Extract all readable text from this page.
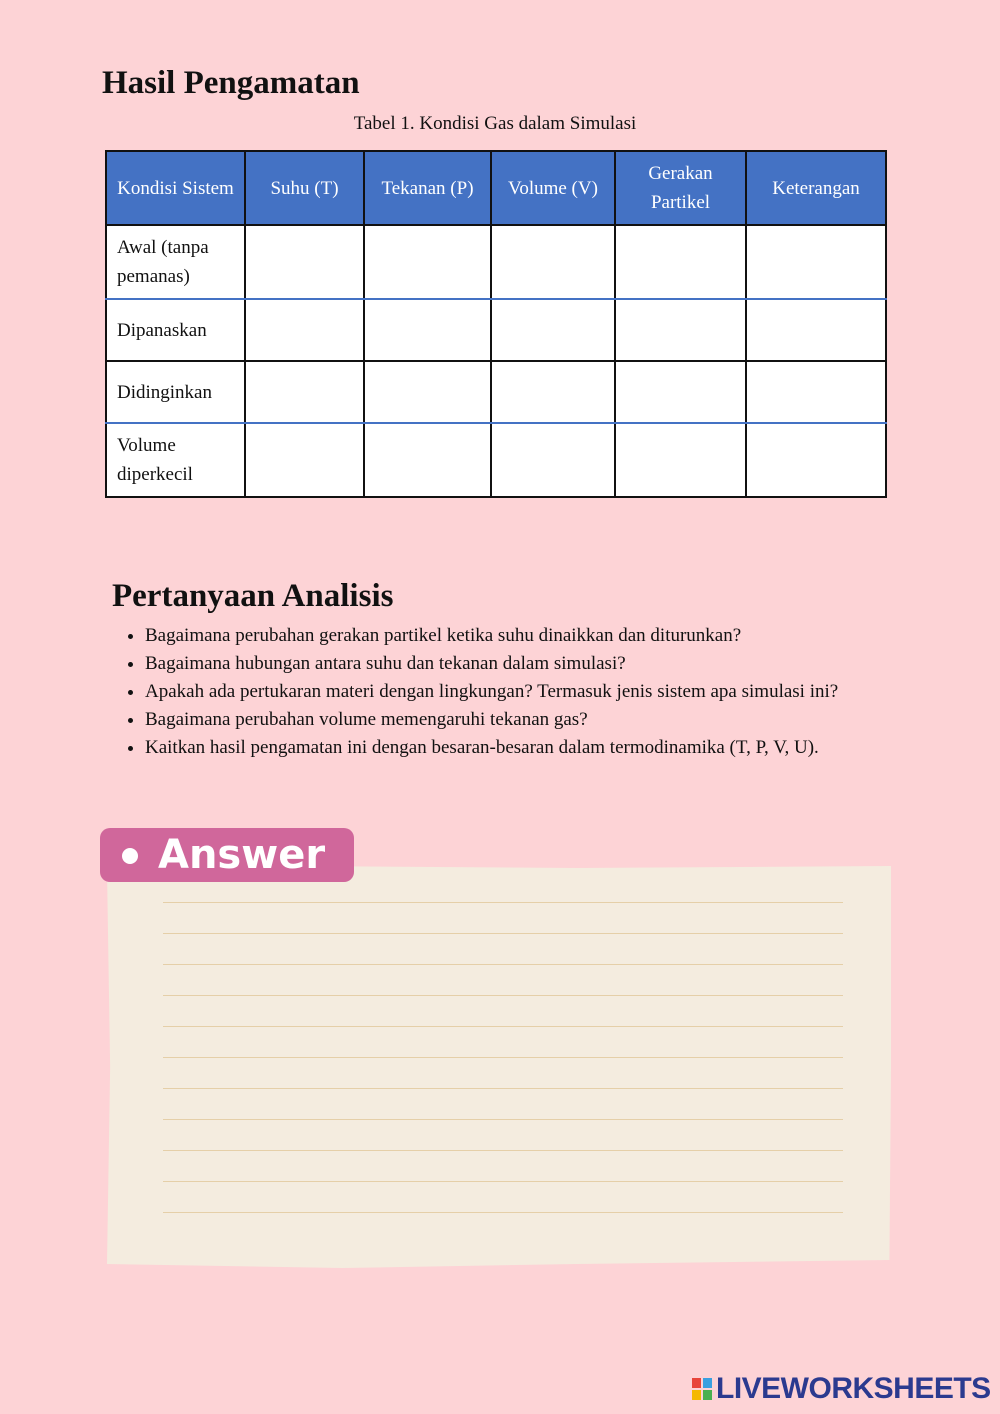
Hasil Pengamatan
Tabel 1. Kondisi Gas dalam Simulasi
Kondisi Sistem	Suhu (T)	Tekanan (P)	Volume (V)	Gerakan Partikel	Keterangan
Awal (tanpa pemanas)					
Dipanaskan					
Didinginkan					
Volume diperkecil					
Pertanyaan Analisis
• Bagaimana perubahan gerakan partikel ketika suhu dinaikkan dan diturunkan?
• Bagaimana hubungan antara suhu dan tekanan dalam simulasi?
• Apakah ada pertukaran materi dengan lingkungan? Termasuk jenis sistem apa simulasi ini?
• Bagaimana perubahan volume memengaruhi tekanan gas?
• Kaitkan hasil pengamatan ini dengan besaran-besaran dalam termodinamika (T, P, V, U).
Answer
LIVEWORKSHEETS
